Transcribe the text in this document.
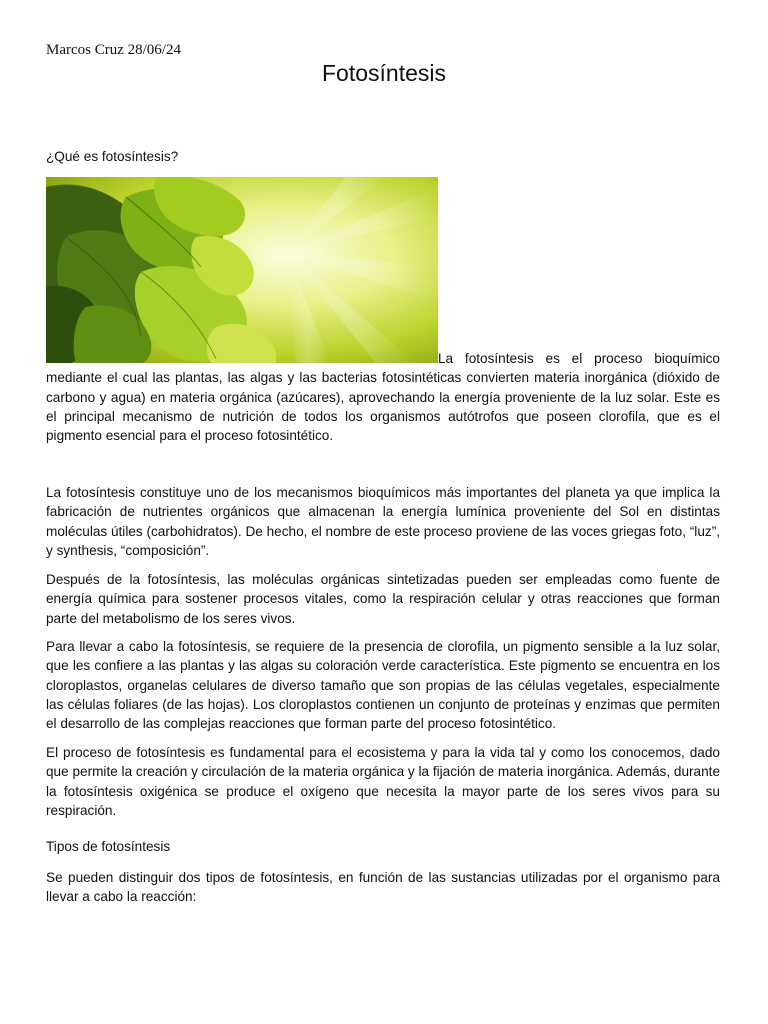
Marcos Cruz 28/06/24
Fotosíntesis
¿Qué es fotosíntesis?

La fotosíntesis es el proceso bioquímico mediante el cual las plantas, las algas y las bacterias fotosintéticas convierten materia inorgánica (dióxido de carbono y agua) en materia orgánica (azúcares), aprovechando la energía proveniente de la luz solar. Este es el principal mecanismo de nutrición de todos los organismos autótrofos que poseen clorofila, que es el pigmento esencial para el proceso fotosintético.

La fotosíntesis constituye uno de los mecanismos bioquímicos más importantes del planeta ya que implica la fabricación de nutrientes orgánicos que almacenan la energía lumínica proveniente del Sol en distintas moléculas útiles (carbohidratos). De hecho, el nombre de este proceso proviene de las voces griegas foto, “luz”, y synthesis, “composición”.

Después de la fotosíntesis, las moléculas orgánicas sintetizadas pueden ser empleadas como fuente de energía química para sostener procesos vitales, como la respiración celular y otras reacciones que forman parte del metabolismo de los seres vivos.

Para llevar a cabo la fotosíntesis, se requiere de la presencia de clorofila, un pigmento sensible a la luz solar, que les confiere a las plantas y las algas su coloración verde característica. Este pigmento se encuentra en los cloroplastos, organelas celulares de diverso tamaño que son propias de las células vegetales, especialmente las células foliares (de las hojas). Los cloroplastos contienen un conjunto de proteínas y enzimas que permiten el desarrollo de las complejas reacciones que forman parte del proceso fotosintético.

El proceso de fotosíntesis es fundamental para el ecosistema y para la vida tal y como los conocemos, dado que permite la creación y circulación de la materia orgánica y la fijación de materia inorgánica. Además, durante la fotosíntesis oxigénica se produce el oxígeno que necesita la mayor parte de los seres vivos para su respiración.

Tipos de fotosíntesis

Se pueden distinguir dos tipos de fotosíntesis, en función de las sustancias utilizadas por el organismo para llevar a cabo la reacción:
